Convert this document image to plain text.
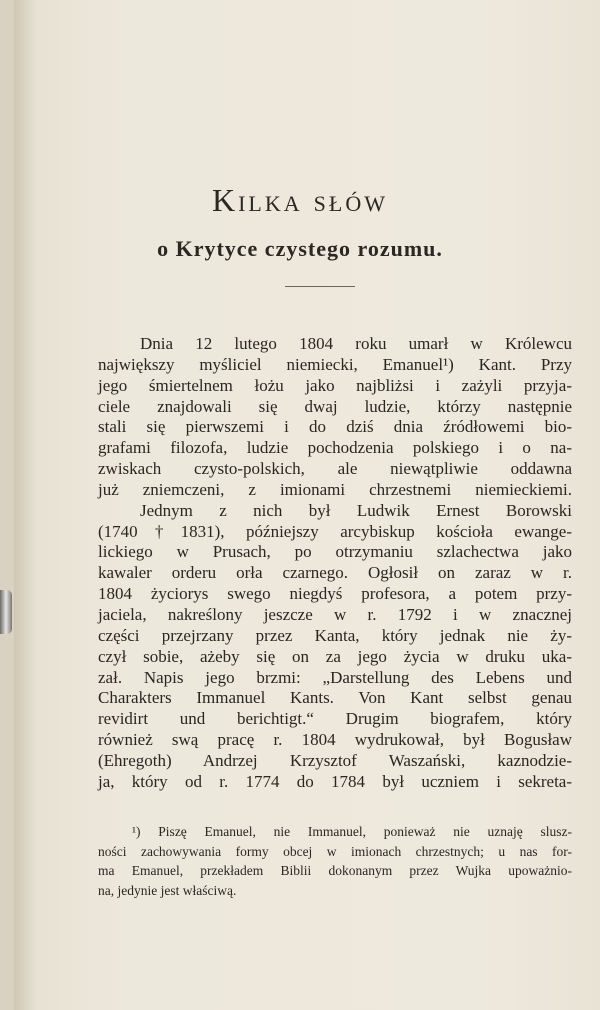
Kilka słów
o Krytyce czystego rozumu.
Dnia 12 lutego 1804 roku umarł w Królewcu
największy myśliciel niemiecki, Emanuel¹) Kant. Przy
jego śmiertelnem łożu jako najbliżsi i zażyli przyja-
ciele znajdowali się dwaj ludzie, którzy następnie
stali się pierwszemi i do dziś dnia źródłowemi bio-
grafami filozofa, ludzie pochodzenia polskiego i o na-
zwiskach czysto-polskich, ale niewątpliwie oddawna
już zniemczeni, z imionami chrzestnemi niemieckiemi.
Jednym z nich był Ludwik Ernest Borowski
(1740†1831), późniejszy arcybiskup kościoła ewange-
lickiego w Prusach, po otrzymaniu szlachectwa jako
kawaler orderu orła czarnego. Ogłosił on zaraz w r.
1804 życiorys swego niegdyś profesora, a potem przy-
jaciela, nakreślony jeszcze w r. 1792 i w znacznej
części przejrzany przez Kanta, który jednak nie ży-
czył sobie, ażeby się on za jego życia w druku uka-
zał. Napis jego brzmi: „Darstellung des Lebens und
Charakters Immanuel Kants. Von Kant selbst genau
revidirt und berichtigt.“ Drugim biografem, który
również swą pracę r. 1804 wydrukował, był Bogusław
(Ehregoth) Andrzej Krzysztof Waszański, kaznodzie-
ja, który od r. 1774 do 1784 był uczniem i sekreta-
¹) Piszę Emanuel, nie Immanuel, ponieważ nie uznaję slusz-
ności zachowywania formy obcej w imionach chrzestnych; u nas for-
ma Emanuel, przekładem Biblii dokonanym przez Wujka upoważnio-
na, jedynie jest właściwą.
